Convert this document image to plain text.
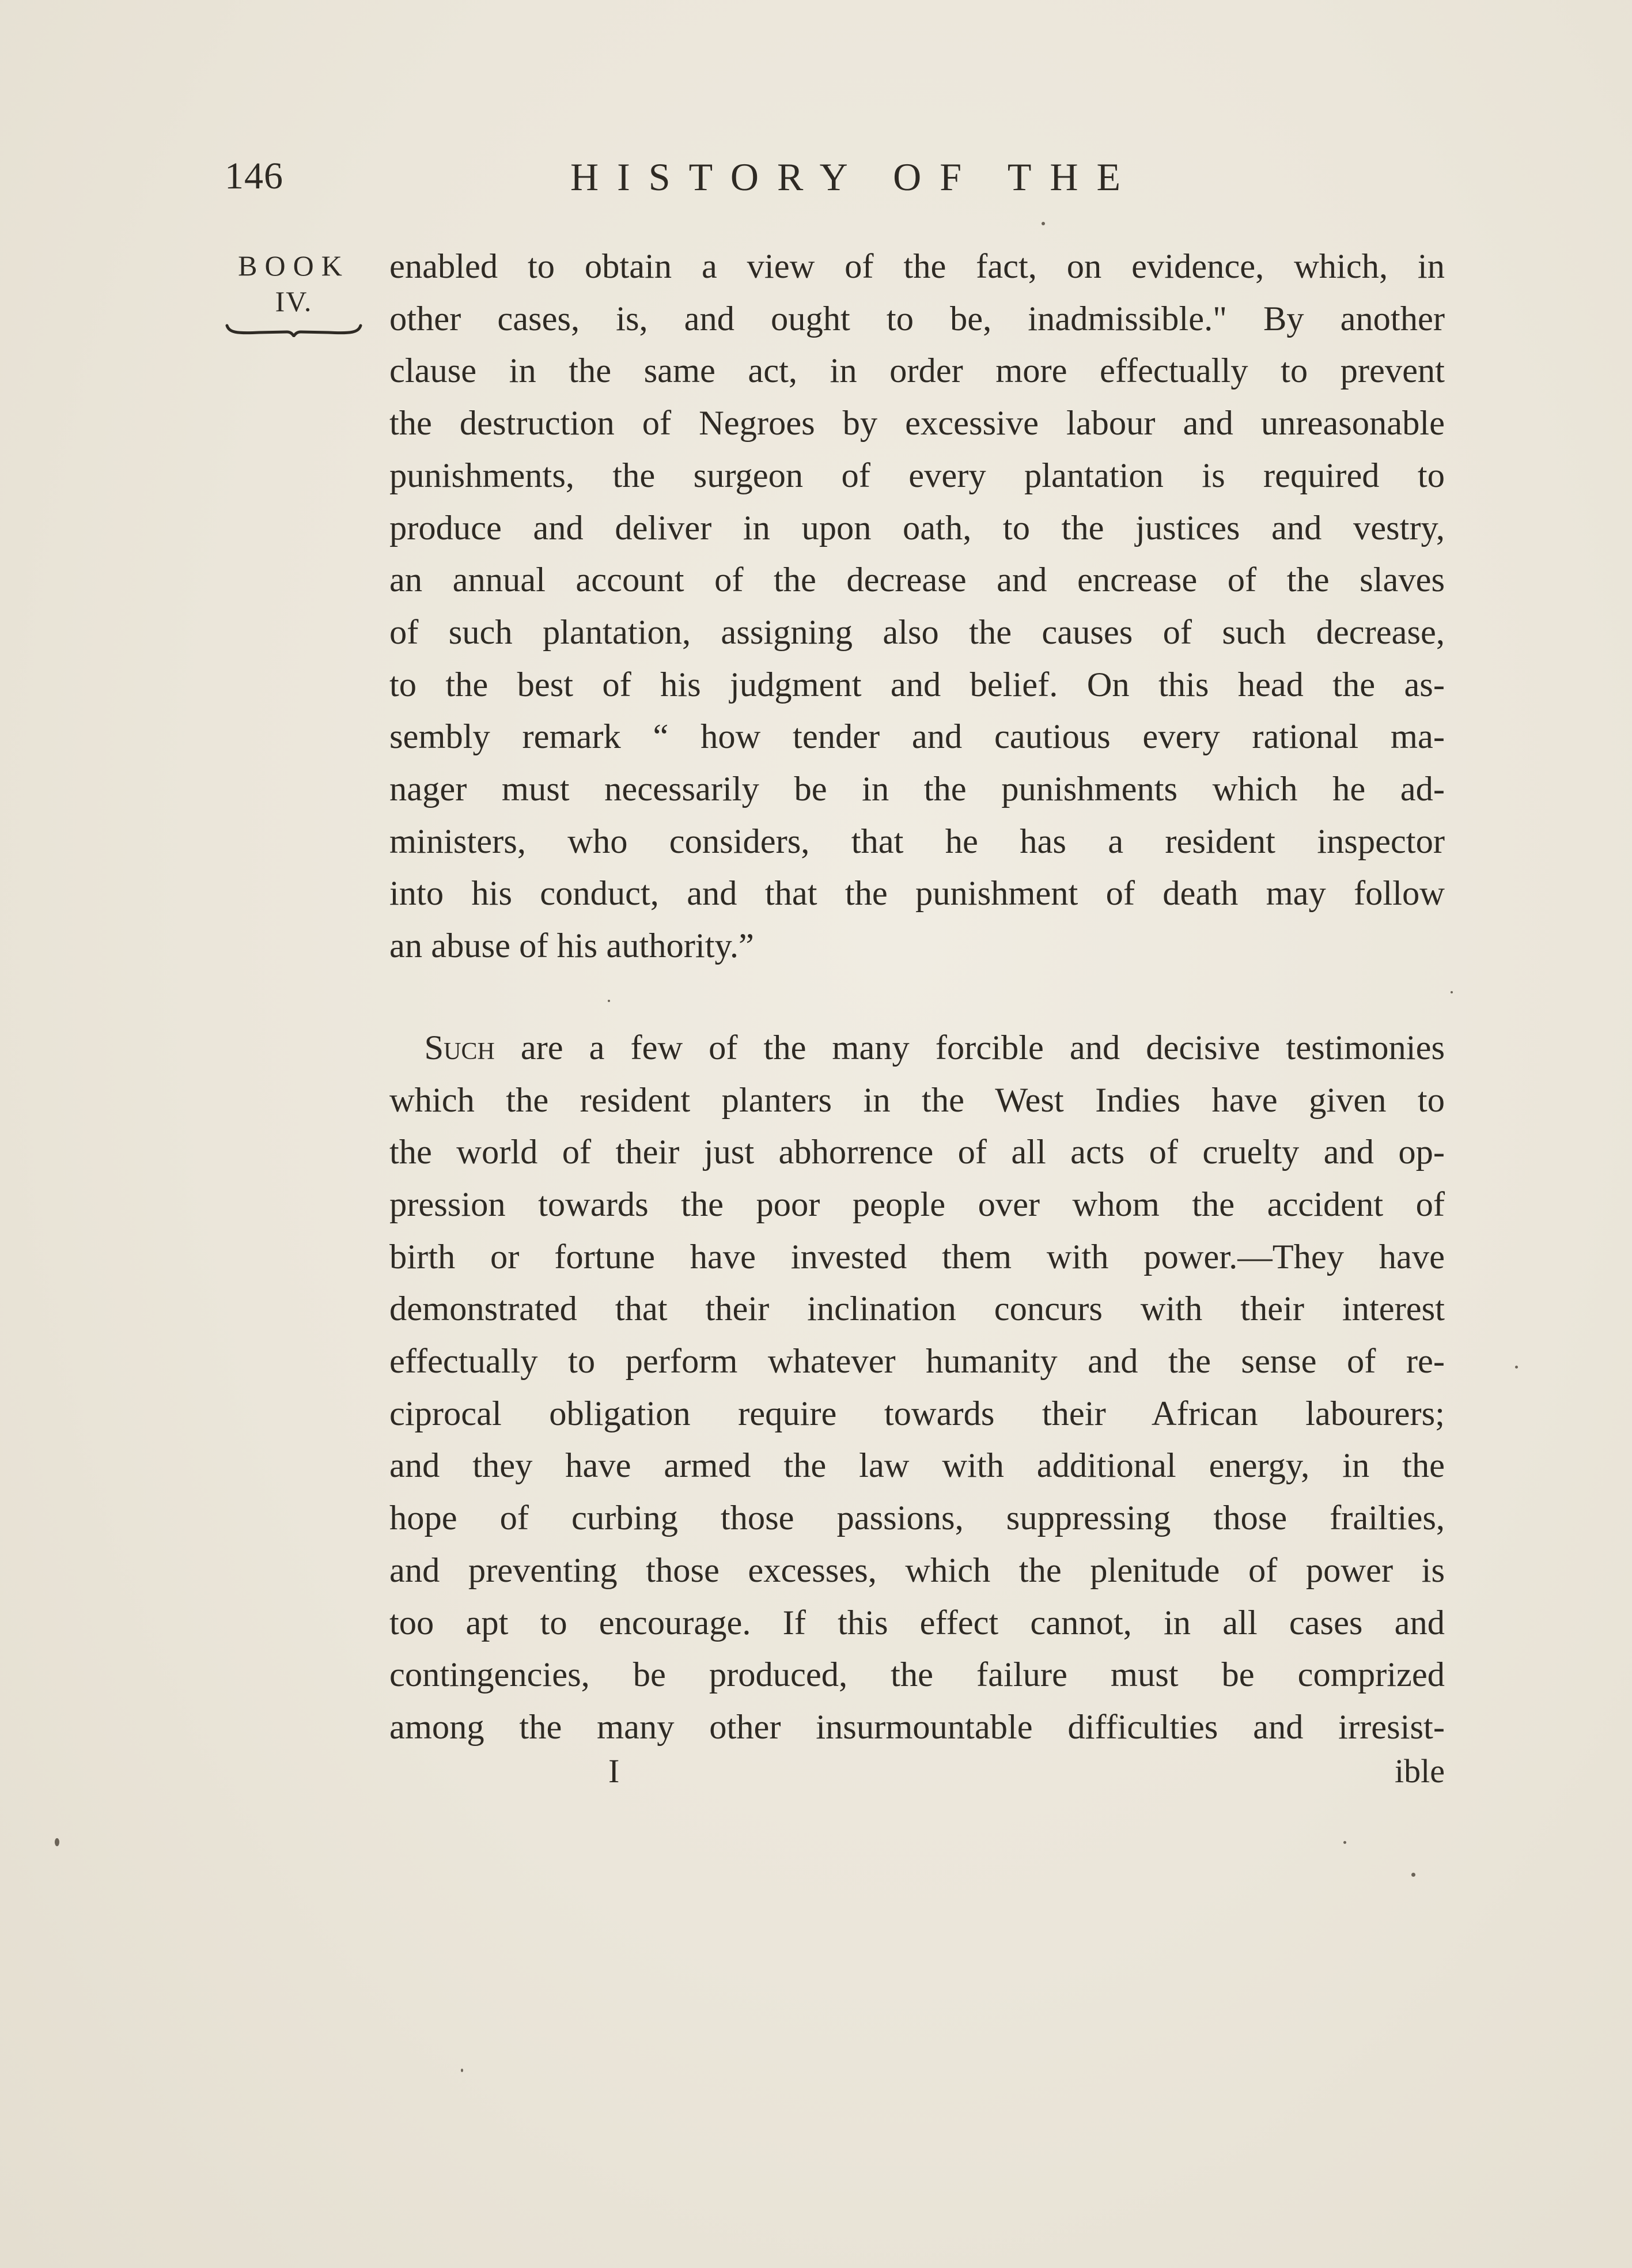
146	HISTORY OF THE
BOOK
IV.
enabled to obtain a view of the fact, on evidence, which, in
other cases, is, and ought to be, inadmissible." By another
clause in the same act, in order more effectually to prevent
the destruction of Negroes by excessive labour and unreasonable
punishments, the surgeon of every plantation is required to
produce and deliver in upon oath, to the justices and vestry,
an annual account of the decrease and encrease of the slaves
of such plantation, assigning also the causes of such decrease,
to the best of his judgment and belief. On this head the as-
sembly remark “ how tender and cautious every rational ma-
nager must necessarily be in the punishments which he ad-
ministers, who considers, that he has a resident inspector
into his conduct, and that the punishment of death may follow
an abuse of his authority.”
 Such are a few of the many forcible and decisive testimonies
which the resident planters in the West Indies have given to
the world of their just abhorrence of all acts of cruelty and op-
pression towards the poor people over whom the accident of
birth or fortune have invested them with power.—They have
demonstrated that their inclination concurs with their interest
effectually to perform whatever humanity and the sense of re-
ciprocal obligation require towards their African labourers;
and they have armed the law with additional energy, in the
hope of curbing those passions, suppressing those frailties,
and preventing those excesses, which the plenitude of power is
too apt to encourage. If this effect cannot, in all cases and
contingencies, be produced, the failure must be comprized
among the many other insurmountable difficulties and irresist-
I	ible
